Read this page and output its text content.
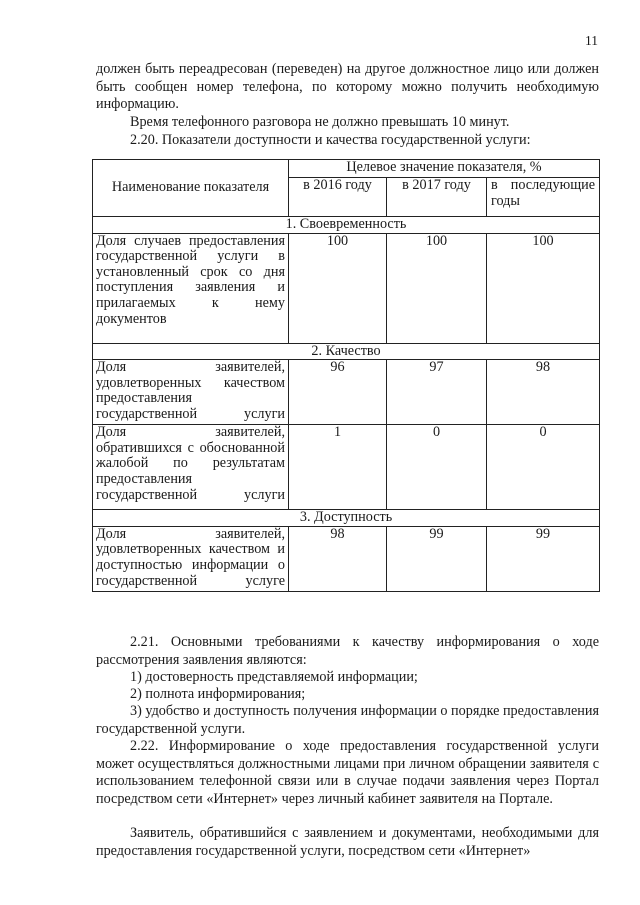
11

должен быть переадресован (переведен) на другое должностное лицо или должен быть сообщен номер телефона, по которому можно получить необходимую информацию.

Время телефонного разговора не должно превышать 10 минут.

2.20. Показатели доступности и качества государственной услуги:

Наименование показателя	Целевое значение показателя, %		
	в 2016 году	в 2017 году	в последующие годы
1. Своевременность			
Доля случаев предоставления государственной услуги в установленный срок со дня поступления заявления и прилагаемых к нему документов	100	100	100
2. Качество			
Доля заявителей, удовлетворенных качеством предоставления государственной услуги	96	97	98
Доля заявителей, обратившихся с обоснованной жалобой по результатам предоставления государственной услуги	1	0	0
3. Доступность			
Доля заявителей, удовлетворенных качеством и доступностью информации о государственной услуге	98	99	99

2.21. Основными требованиями к качеству информирования о ходе рассмотрения заявления являются:

1) достоверность представляемой информации;

2) полнота информирования;

3) удобство и доступность получения информации о порядке предоставления государственной услуги.

2.22. Информирование о ходе предоставления государственной услуги может осуществляться должностными лицами при личном обращении заявителя с использованием телефонной связи или в случае подачи заявления через Портал посредством сети «Интернет» через личный кабинет заявителя на Портале.

Заявитель, обратившийся с заявлением и документами, необходимыми для предоставления государственной услуги, посредством сети «Интернет»
